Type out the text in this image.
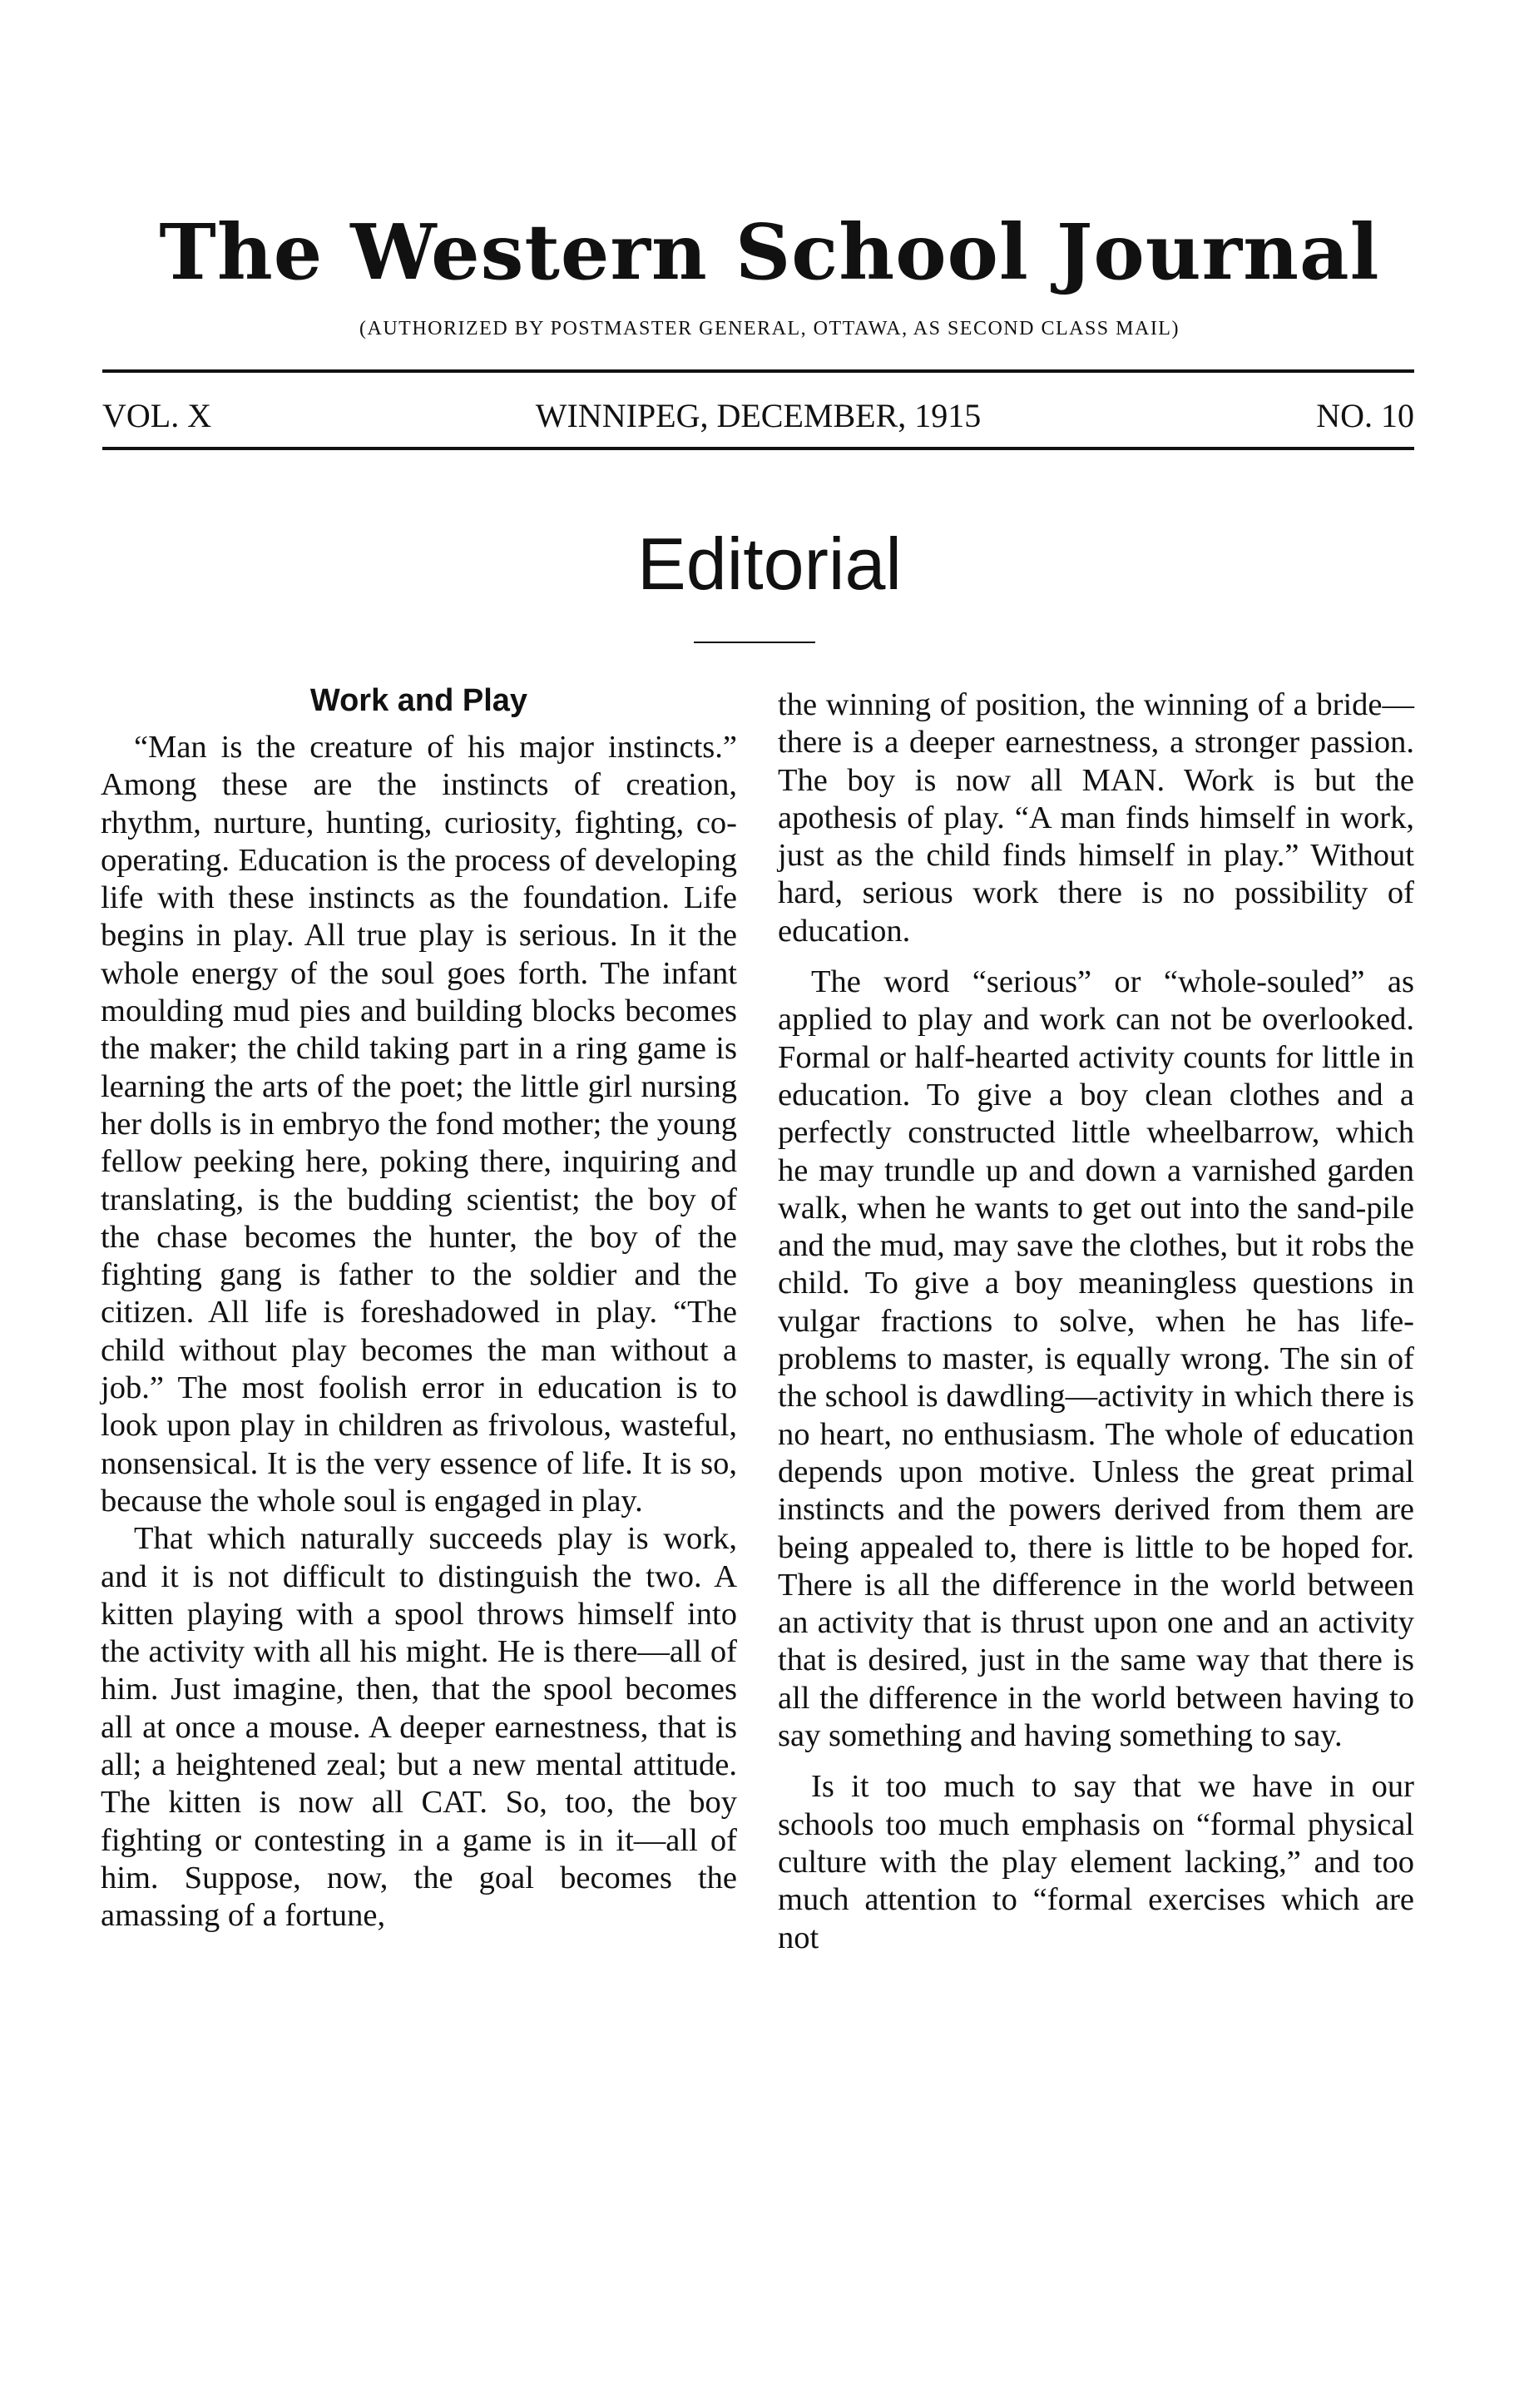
The Western School Journal
(AUTHORIZED BY POSTMASTER GENERAL, OTTAWA, AS SECOND CLASS MAIL)
VOL. X	WINNIPEG, DECEMBER, 1915	NO. 10
Editorial
Work and Play

“Man is the creature of his major instincts.” Among these are the instincts of creation, rhythm, nurture, hunting, curiosity, fighting, co-operating. Education is the process of developing life with these instincts as the foundation. Life begins in play. All true play is serious. In it the whole energy of the soul goes forth. The infant moulding mud pies and building blocks becomes the maker; the child taking part in a ring game is learning the arts of the poet; the little girl nursing her dolls is in embryo the fond mother; the young fellow peeking here, poking there, inquiring and translating, is the budding scientist; the boy of the chase becomes the hunter, the boy of the fighting gang is father to the soldier and the citizen. All life is foreshadowed in play. “The child without play becomes the man without a job.” The most foolish error in education is to look upon play in children as frivolous, wasteful, nonsensical. It is the very essence of life. It is so, because the whole soul is engaged in play.

That which naturally succeeds play is work, and it is not difficult to distinguish the two. A kitten playing with a spool throws himself into the activity with all his might. He is there—all of him. Just imagine, then, that the spool becomes all at once a mouse. A deeper earnestness, that is all; a heightened zeal; but a new mental attitude. The kitten is now all CAT. So, too, the boy fighting or contesting in a game is in it—all of him. Suppose, now, the goal becomes the amassing of a fortune,

the winning of position, the winning of a bride—there is a deeper earnestness, a stronger passion. The boy is now all MAN. Work is but the apothesis of play. “A man finds himself in work, just as the child finds himself in play.” Without hard, serious work there is no possibility of education.

The word “serious” or “whole-souled” as applied to play and work can not be overlooked. Formal or half-hearted activity counts for little in education. To give a boy clean clothes and a perfectly constructed little wheelbarrow, which he may trundle up and down a varnished garden walk, when he wants to get out into the sand-pile and the mud, may save the clothes, but it robs the child. To give a boy meaningless questions in vulgar fractions to solve, when he has life-problems to master, is equally wrong. The sin of the school is dawdling—activity in which there is no heart, no enthusiasm. The whole of education depends upon motive. Unless the great primal instincts and the powers derived from them are being appealed to, there is little to be hoped for. There is all the difference in the world between an activity that is thrust upon one and an activity that is desired, just in the same way that there is all the difference in the world between having to say something and having something to say.

Is it too much to say that we have in our schools too much emphasis on “formal physical culture with the play element lacking,” and too much attention to “formal exercises which are not
